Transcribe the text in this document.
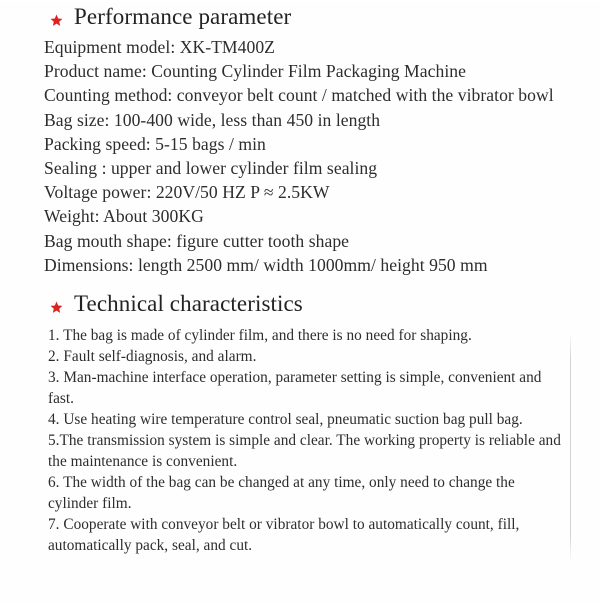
Performance parameter
Equipment model: XK-TM400Z
Product name: Counting Cylinder Film Packaging Machine
Counting method: conveyor belt count / matched with the vibrator bowl
Bag size: 100-400 wide, less than 450 in length
Packing speed: 5-15 bags / min
Sealing : upper and lower cylinder film sealing
Voltage power: 220V/50 HZ P ≈ 2.5KW
Weight: About 300KG
Bag mouth shape: figure cutter tooth shape
Dimensions: length 2500 mm/ width 1000mm/ height 950 mm
Technical characteristics
1. The bag is made of cylinder film, and there is no need for shaping.
2. Fault self-diagnosis, and alarm.
3. Man-machine interface operation, parameter setting is simple, convenient and fast.
4. Use heating wire temperature control seal, pneumatic suction bag pull bag.
5.The transmission system is simple and clear. The working property is reliable and the maintenance is convenient.
6. The width of the bag can be changed at any time, only need to change the cylinder film.
7. Cooperate with conveyor belt or vibrator bowl to automatically count, fill, automatically pack, seal, and cut.
